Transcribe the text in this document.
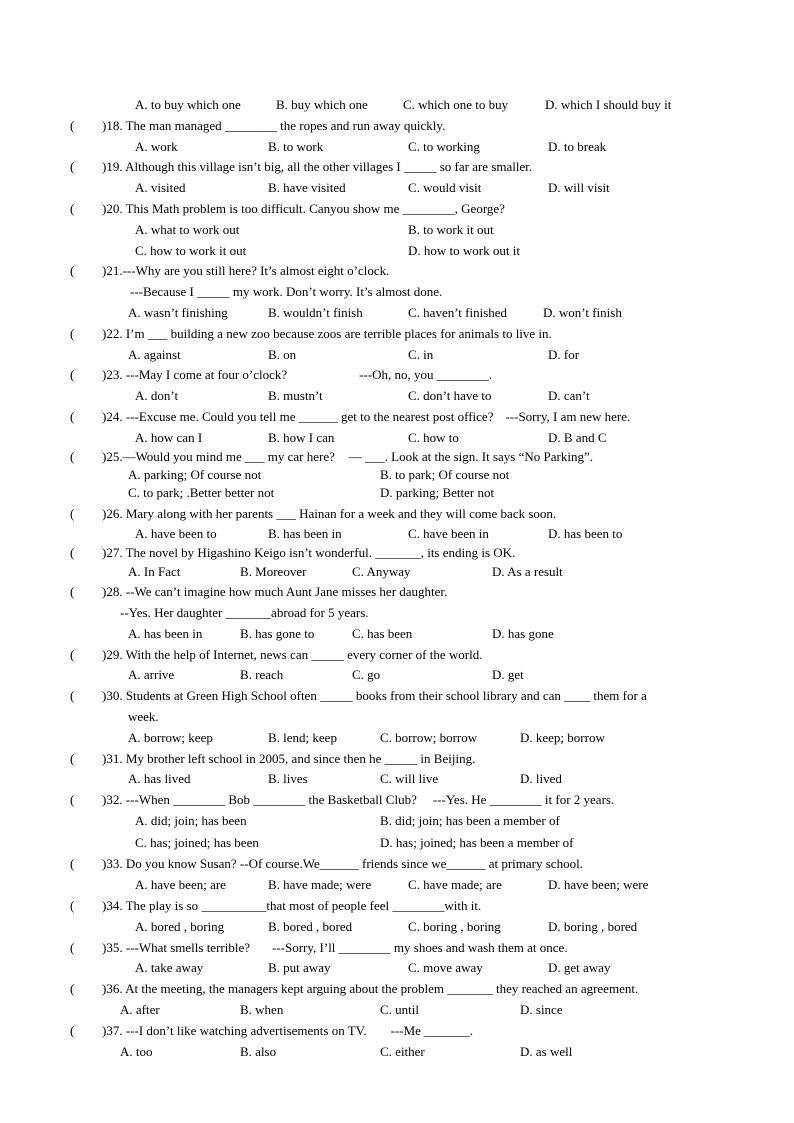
A. to buy which one	B. buy which one	C. which one to buy	D. which I should buy it
( )18. The man managed ________ the ropes and run away quickly.
A. work	B. to work	C. to working	D. to break
( )19. Although this village isn’t big, all the other villages I _____ so far are smaller.
A. visited	B. have visited	C. would visit	D. will visit
( )20. This Math problem is too difficult. Canyou show me ________, George?
A. what to work out	B. to work it out
C. how to work it out	D. how to work out it
( )21.---Why are you still here? It’s almost eight o’clock.
---Because I _____ my work. Don’t worry. It’s almost done.
A. wasn’t finishing	B. wouldn’t finish	C. haven’t finished	D. won’t finish
( )22. I’m ___ building a new zoo because zoos are terrible places for animals to live in.
A. against	B. on	C. in	D. for
( )23. ---May I come at four o’clock?	---Oh, no, you ________.
A. don’t	B. mustn’t	C. don’t have to	D. can’t
( )24. ---Excuse me. Could you tell me ______ get to the nearest post office? ---Sorry, I am new here.
A. how can I	B. how I can	C. how to	D. B and C
( )25.—Would you mind me ___ my car here? — ___. Look at the sign. It says “No Parking”.
A. parking; Of course not	B. to park; Of course not
C. to park; .Better better not	D. parking; Better not
( )26. Mary along with her parents ___ Hainan for a week and they will come back soon.
A. have been to	B. has been in	C. have been in	D. has been to
( )27. The novel by Higashino Keigo isn’t wonderful. _______, its ending is OK.
A. In Fact	B. Moreover	C. Anyway	D. As a result
( )28. --We can’t imagine how much Aunt Jane misses her daughter.
--Yes. Her daughter _______abroad for 5 years.
A. has been in	B. has gone to	C. has been	D. has gone
( )29. With the help of Internet, news can _____ every corner of the world.
A. arrive	B. reach	C. go	D. get
( )30. Students at Green High School often _____ books from their school library and can ____ them for a
week.
A. borrow; keep	B. lend; keep	C. borrow; borrow	D. keep; borrow
( )31. My brother left school in 2005, and since then he _____ in Beijing.
A. has lived	B. lives	C. will live	D. lived
( )32. ---When ________ Bob ________ the Basketball Club? ---Yes. He ________ it for 2 years.
A. did; join; has been	B. did; join; has been a member of
C. has; joined; has been	D. has; joined; has been a member of
( )33. Do you know Susan? --Of course.We______ friends since we______ at primary school.
A. have been; are	B. have made; were	C. have made; are	D. have been; were
( )34. The play is so __________that most of people feel ________with it.
A. bored , boring	B. bored , bored	C. boring , boring	D. boring , bored
( )35. ---What smells terrible? ---Sorry, I’ll ________ my shoes and wash them at once.
A. take away	B. put away	C. move away	D. get away
( )36. At the meeting, the managers kept arguing about the problem _______ they reached an agreement.
A. after	B. when	C. until	D. since
( )37. ---I don’t like watching advertisements on TV. ---Me _______.
A. too	B. also	C. either	D. as well
